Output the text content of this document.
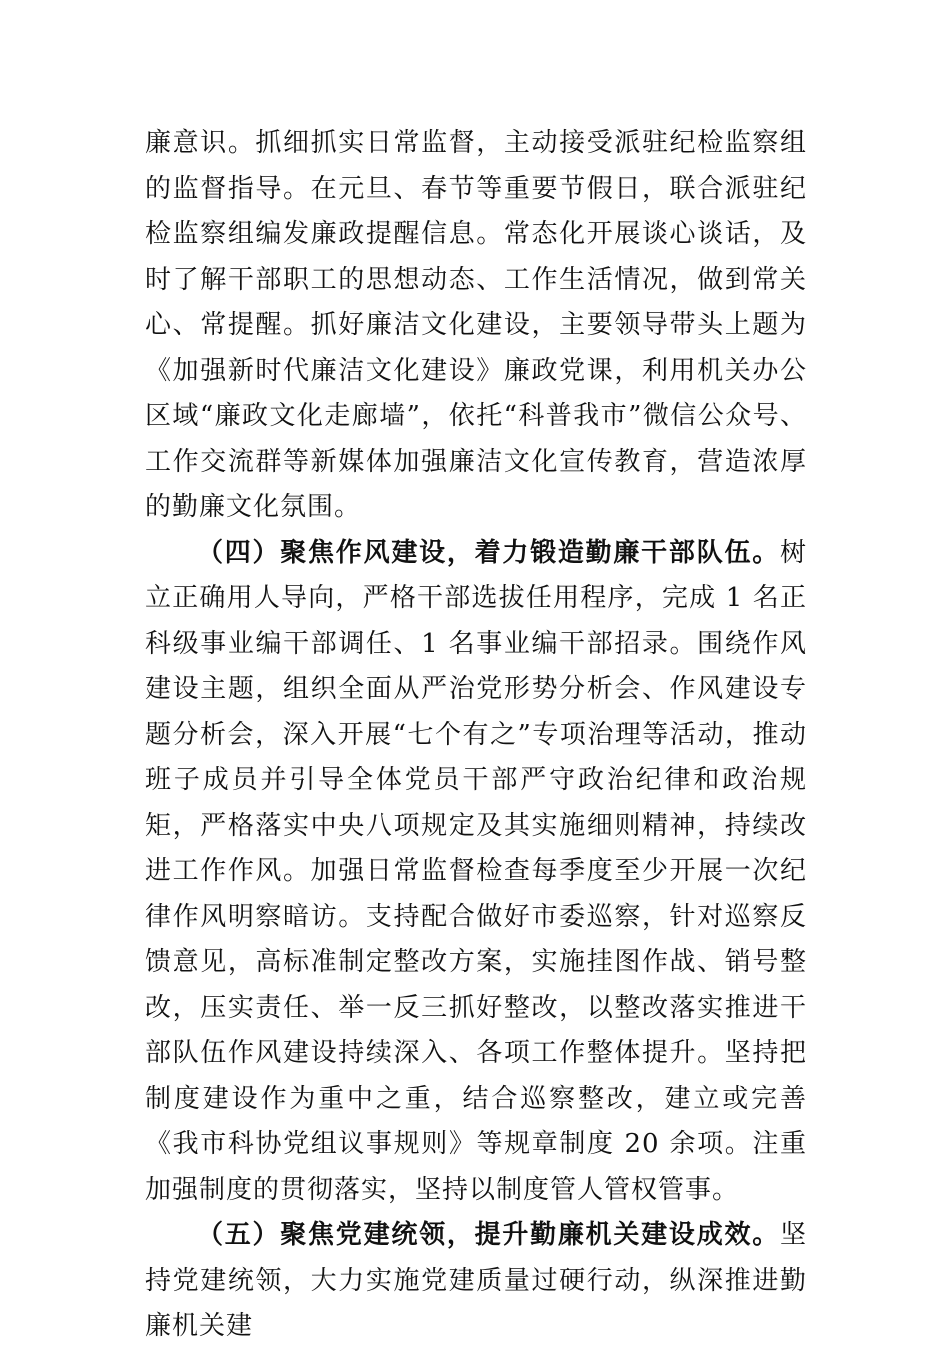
廉意识。抓细抓实日常监督，主动接受派驻纪检监察组的监督指导。在元旦、春节等重要节假日，联合派驻纪检监察组编发廉政提醒信息。常态化开展谈心谈话，及时了解干部职工的思想动态、工作生活情况，做到常关心、常提醒。抓好廉洁文化建设，主要领导带头上题为《加强新时代廉洁文化建设》廉政党课，利用机关办公区域“廉政文化走廊墙”，依托“科普我市”微信公众号、工作交流群等新媒体加强廉洁文化宣传教育，营造浓厚的勤廉文化氛围。

（四）聚焦作风建设，着力锻造勤廉干部队伍。树立正确用人导向，严格干部选拔任用程序，完成 1 名正科级事业编干部调任、1 名事业编干部招录。围绕作风建设主题，组织全面从严治党形势分析会、作风建设专题分析会，深入开展“七个有之”专项治理等活动，推动班子成员并引导全体党员干部严守政治纪律和政治规矩，严格落实中央八项规定及其实施细则精神，持续改进工作作风。加强日常监督检查每季度至少开展一次纪律作风明察暗访。支持配合做好市委巡察，针对巡察反馈意见，高标准制定整改方案，实施挂图作战、销号整改，压实责任、举一反三抓好整改，以整改落实推进干部队伍作风建设持续深入、各项工作整体提升。坚持把制度建设作为重中之重，结合巡察整改，建立或完善《我市科协党组议事规则》等规章制度 20 余项。注重加强制度的贯彻落实，坚持以制度管人管权管事。

（五）聚焦党建统领，提升勤廉机关建设成效。坚持党建统领，大力实施党建质量过硬行动，纵深推进勤廉机关建
